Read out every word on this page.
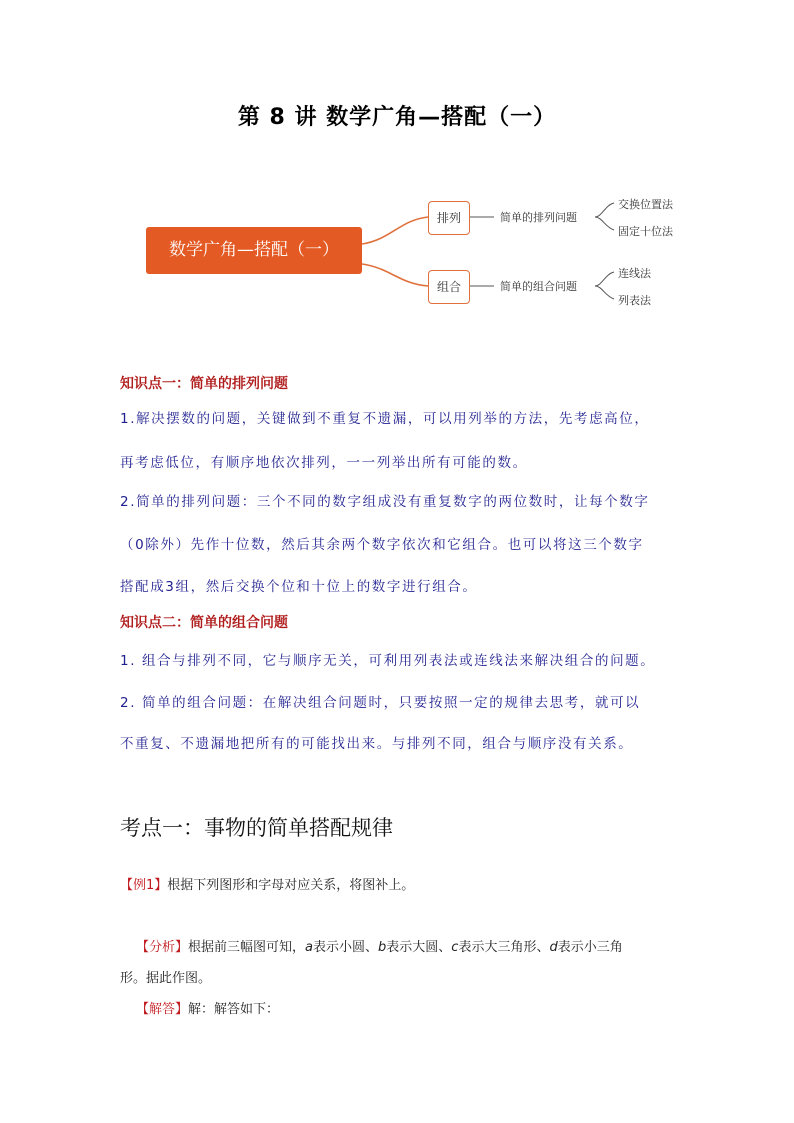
第 8 讲 数学广角—搭配（一）
数学广角—搭配（一）
排列	简单的排列问题
交换位置法
固定十位法
组合	简单的组合问题
连线法
列表法
知识点一：简单的排列问题
1.解决摆数的问题，关键做到不重复不遗漏，可以用列举的方法，先考虑高位，
再考虑低位，有顺序地依次排列，一一列举出所有可能的数。
2.简单的排列问题：三个不同的数字组成没有重复数字的两位数时，让每个数字
（0除外）先作十位数，然后其余两个数字依次和它组合。也可以将这三个数字
搭配成3组，然后交换个位和十位上的数字进行组合。
知识点二：简单的组合问题
1. 组合与排列不同，它与顺序无关，可利用列表法或连线法来解决组合的问题。
2. 简单的组合问题：在解决组合问题时，只要按照一定的规律去思考，就可以
不重复、不遗漏地把所有的可能找出来。与排列不同，组合与顺序没有关系。
考点一：事物的简单搭配规律
【例1】根据下列图形和字母对应关系，将图补上。
【分析】根据前三幅图可知，a表示小圆、b表示大圆、c表示大三角形、d表示小三角
形。据此作图。
【解答】解：解答如下：
